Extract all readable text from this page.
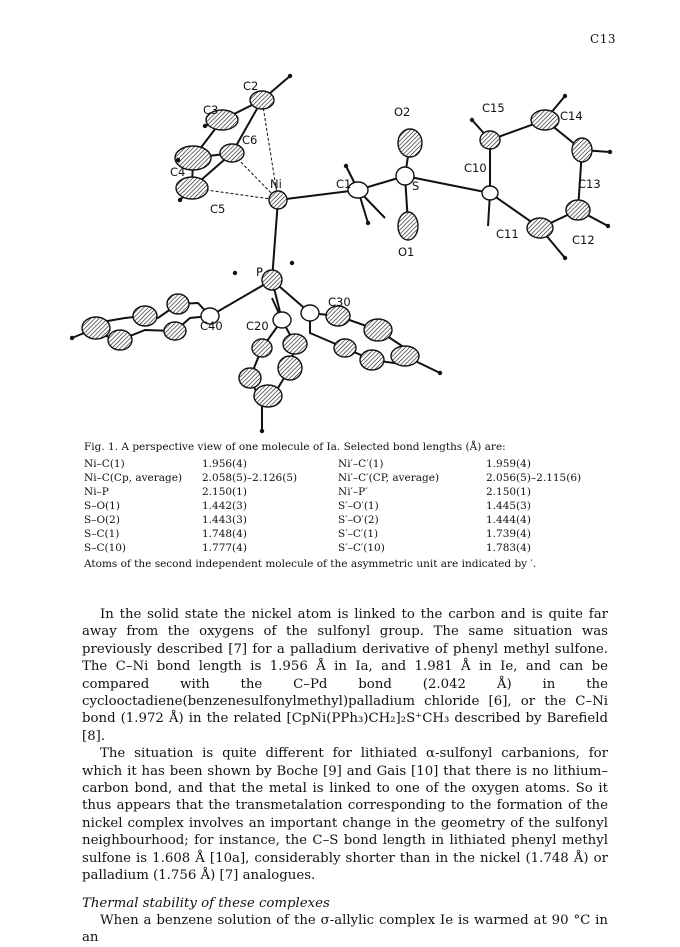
C13
C2
O2	C15
C14
C3
C6
C13
C10
C4
C1
Ni
C5
S
C12
C11
O1
P
C30
C40 C20

Fig. 1. A perspective view of one molecule of Ia. Selected bond lengths (Å) are:

Ni–C(1)	1.956(4)	Ni′–C′(1)	1.959(4)
Ni–C(Cp, average)	2.058(5)–2.126(5)	Ni′–C′(CP, average)	2.056(5)–2.115(6)
Ni–P	2.150(1)	Ni′–P′	2.150(1)
S–O(1)	1.442(3)	S′–O′(1)	1.445(3)
S–O(2)	1.443(3)	S′–O′(2)	1.444(4)
S–C(1)	1.748(4)	S′–C′(1)	1.739(4)
S–C(10)	1.777(4)	S′–C′(10)	1.783(4)

Atoms of the second independent molecule of the asymmetric unit are indicated by ′.

In the solid state the nickel atom is linked to the carbon and is quite far away from the oxygens of the sulfonyl group. The same situation was previously described [7] for a palladium derivative of phenyl methyl sulfone. The C–Ni bond length is 1.956 Å in Ia, and 1.981 Å in Ie, and can be compared with the C–Pd bond (2.042 Å) in the cyclooctadiene(benzenesulfonylmethyl)palladium chloride [6], or the C–Ni bond (1.972 Å) in the related [CpNi(PPh₃)CH₂]₂S⁺CH₃ described by Barefield [8].

The situation is quite different for lithiated α-sulfonyl carbanions, for which it has been shown by Boche [9] and Gais [10] that there is no lithium–carbon bond, and that the metal is linked to one of the oxygen atoms. So it thus appears that the transmetalation corresponding to the formation of the nickel complex involves an important change in the geometry of the sulfonyl neighbourhood; for instance, the C–S bond length in lithiated phenyl methyl sulfone is 1.608 Å [10a], considerably shorter than in the nickel (1.748 Å) or palladium (1.756 Å) [7] analogues.

Thermal stability of these complexes

When a benzene solution of the σ-allylic complex Ie is warmed at 90 °C in an
